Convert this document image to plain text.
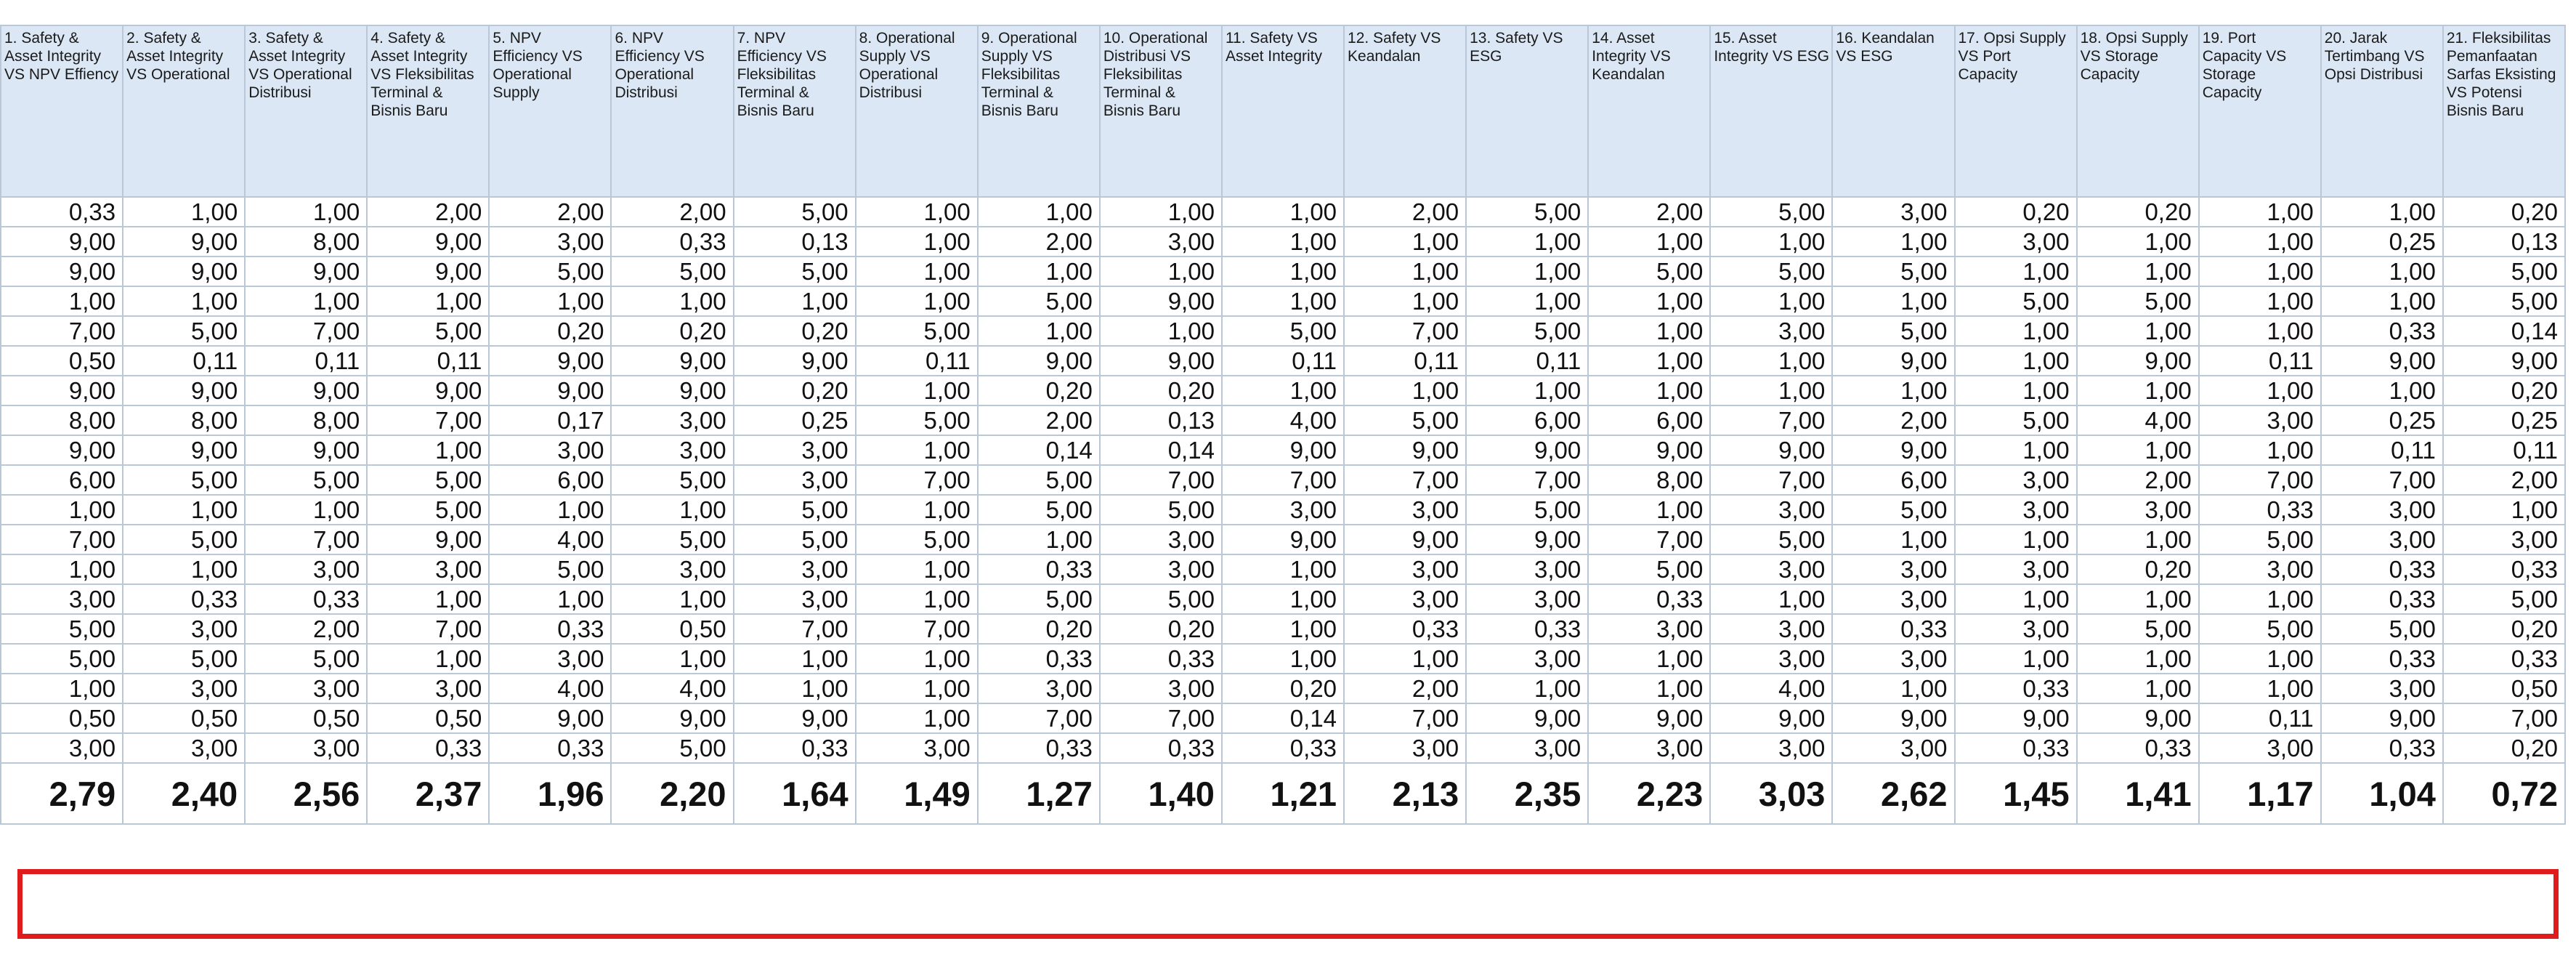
1. Safety & Asset Integrity VS NPV Effiency	2. Safety & Asset Integrity VS Operational	3. Safety & Asset Integrity VS Operational Distribusi	4. Safety & Asset Integrity VS Fleksibilitas Terminal & Bisnis Baru	5. NPV Efficiency VS Operational Supply	6. NPV Efficiency VS Operational Distribusi	7. NPV Efficiency VS Fleksibilitas Terminal & Bisnis Baru	8. Operational Supply VS Operational Distribusi	9. Operational Supply VS Fleksibilitas Terminal & Bisnis Baru	10. Operational Distribusi VS Fleksibilitas Terminal & Bisnis Baru	11. Safety VS Asset Integrity	12. Safety VS Keandalan	13. Safety VS ESG	14. Asset Integrity VS Keandalan	15. Asset Integrity VS ESG	16. Keandalan VS ESG	17. Opsi Supply VS Port Capacity	18. Opsi Supply VS Storage Capacity	19. Port Capacity VS Storage Capacity	20. Jarak Tertimbang VS Opsi Distribusi	21. Fleksibilitas Pemanfaatan Sarfas Eksisting VS Potensi Bisnis Baru
0,33	1,00	1,00	2,00	2,00	2,00	5,00	1,00	1,00	1,00	1,00	2,00	5,00	2,00	5,00	3,00	0,20	0,20	1,00	1,00	0,20
9,00	9,00	8,00	9,00	3,00	0,33	0,13	1,00	2,00	3,00	1,00	1,00	1,00	1,00	1,00	1,00	3,00	1,00	1,00	0,25	0,13
9,00	9,00	9,00	9,00	5,00	5,00	5,00	1,00	1,00	1,00	1,00	1,00	1,00	5,00	5,00	5,00	1,00	1,00	1,00	1,00	5,00
1,00	1,00	1,00	1,00	1,00	1,00	1,00	1,00	5,00	9,00	1,00	1,00	1,00	1,00	1,00	1,00	5,00	5,00	1,00	1,00	5,00
7,00	5,00	7,00	5,00	0,20	0,20	0,20	5,00	1,00	1,00	5,00	7,00	5,00	1,00	3,00	5,00	1,00	1,00	1,00	0,33	0,14
0,50	0,11	0,11	0,11	9,00	9,00	9,00	0,11	9,00	9,00	0,11	0,11	0,11	1,00	1,00	9,00	1,00	9,00	0,11	9,00	9,00
9,00	9,00	9,00	9,00	9,00	9,00	0,20	1,00	0,20	0,20	1,00	1,00	1,00	1,00	1,00	1,00	1,00	1,00	1,00	1,00	0,20
8,00	8,00	8,00	7,00	0,17	3,00	0,25	5,00	2,00	0,13	4,00	5,00	6,00	6,00	7,00	2,00	5,00	4,00	3,00	0,25	0,25
9,00	9,00	9,00	1,00	3,00	3,00	3,00	1,00	0,14	0,14	9,00	9,00	9,00	9,00	9,00	9,00	1,00	1,00	1,00	0,11	0,11
6,00	5,00	5,00	5,00	6,00	5,00	3,00	7,00	5,00	7,00	7,00	7,00	7,00	8,00	7,00	6,00	3,00	2,00	7,00	7,00	2,00
1,00	1,00	1,00	5,00	1,00	1,00	5,00	1,00	5,00	5,00	3,00	3,00	5,00	1,00	3,00	5,00	3,00	3,00	0,33	3,00	1,00
7,00	5,00	7,00	9,00	4,00	5,00	5,00	5,00	1,00	3,00	9,00	9,00	9,00	7,00	5,00	1,00	1,00	1,00	5,00	3,00	3,00
1,00	1,00	3,00	3,00	5,00	3,00	3,00	1,00	0,33	3,00	1,00	3,00	3,00	5,00	3,00	3,00	3,00	0,20	3,00	0,33	0,33
3,00	0,33	0,33	1,00	1,00	1,00	3,00	1,00	5,00	5,00	1,00	3,00	3,00	0,33	1,00	3,00	1,00	1,00	1,00	0,33	5,00
5,00	3,00	2,00	7,00	0,33	0,50	7,00	7,00	0,20	0,20	1,00	0,33	0,33	3,00	3,00	0,33	3,00	5,00	5,00	5,00	0,20
5,00	5,00	5,00	1,00	3,00	1,00	1,00	1,00	0,33	0,33	1,00	1,00	3,00	1,00	3,00	3,00	1,00	1,00	1,00	0,33	0,33
1,00	3,00	3,00	3,00	4,00	4,00	1,00	1,00	3,00	3,00	0,20	2,00	1,00	1,00	4,00	1,00	0,33	1,00	1,00	3,00	0,50
0,50	0,50	0,50	0,50	9,00	9,00	9,00	1,00	7,00	7,00	0,14	7,00	9,00	9,00	9,00	9,00	9,00	9,00	0,11	9,00	7,00
3,00	3,00	3,00	0,33	0,33	5,00	0,33	3,00	0,33	0,33	0,33	3,00	3,00	3,00	3,00	3,00	0,33	0,33	3,00	0,33	0,20
2,79	2,40	2,56	2,37	1,96	2,20	1,64	1,49	1,27	1,40	1,21	2,13	2,35	2,23	3,03	2,62	1,45	1,41	1,17	1,04	0,72
